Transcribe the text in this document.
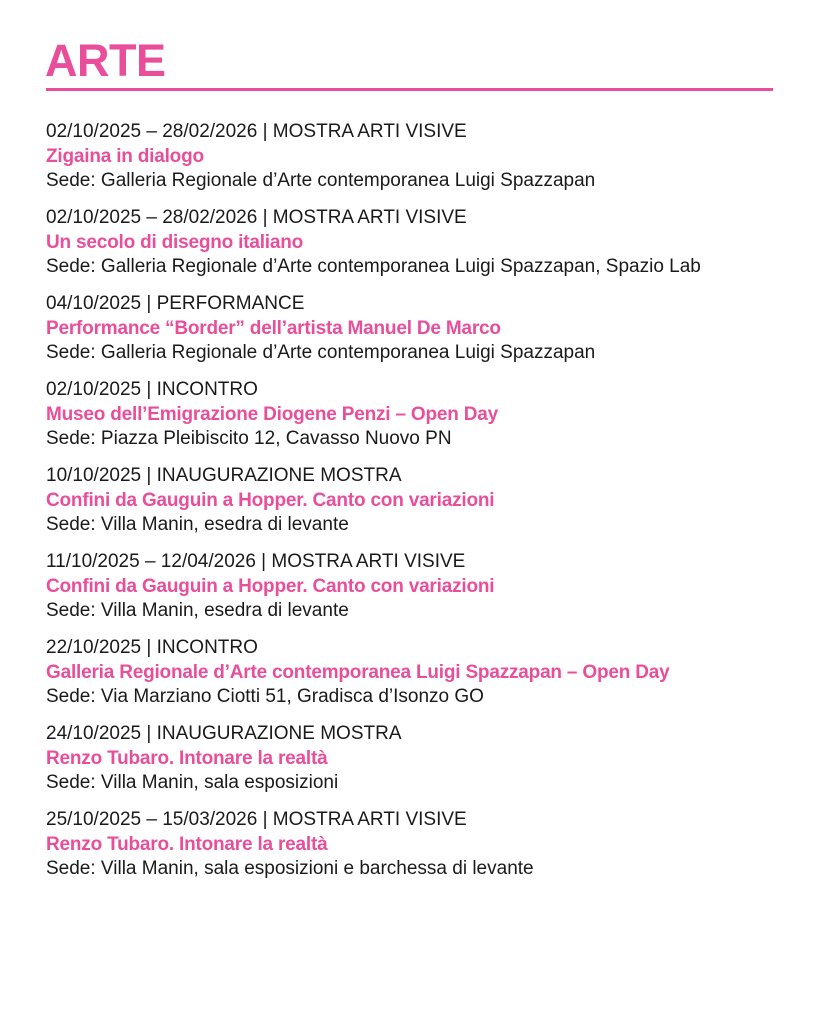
ARTE
02/10/2025 – 28/02/2026 | MOSTRA ARTI VISIVE
Zigaina in dialogo
Sede: Galleria Regionale d’Arte contemporanea Luigi Spazzapan
02/10/2025 – 28/02/2026 | MOSTRA ARTI VISIVE
Un secolo di disegno italiano
Sede: Galleria Regionale d’Arte contemporanea Luigi Spazzapan, Spazio Lab
04/10/2025 | PERFORMANCE
Performance “Border” dell’artista Manuel De Marco
Sede: Galleria Regionale d’Arte contemporanea Luigi Spazzapan
02/10/2025 | INCONTRO
Museo dell’Emigrazione Diogene Penzi – Open Day
Sede: Piazza Pleibiscito 12, Cavasso Nuovo PN
10/10/2025 | INAUGURAZIONE MOSTRA
Confini da Gauguin a Hopper. Canto con variazioni
Sede: Villa Manin, esedra di levante
11/10/2025 – 12/04/2026 | MOSTRA ARTI VISIVE
Confini da Gauguin a Hopper. Canto con variazioni
Sede: Villa Manin, esedra di levante
22/10/2025 | INCONTRO
Galleria Regionale d’Arte contemporanea Luigi Spazzapan – Open Day
Sede: Via Marziano Ciotti 51, Gradisca d’Isonzo GO
24/10/2025 | INAUGURAZIONE MOSTRA
Renzo Tubaro. Intonare la realtà
Sede: Villa Manin, sala esposizioni
25/10/2025 – 15/03/2026 | MOSTRA ARTI VISIVE
Renzo Tubaro. Intonare la realtà
Sede: Villa Manin, sala esposizioni e barchessa di levante
